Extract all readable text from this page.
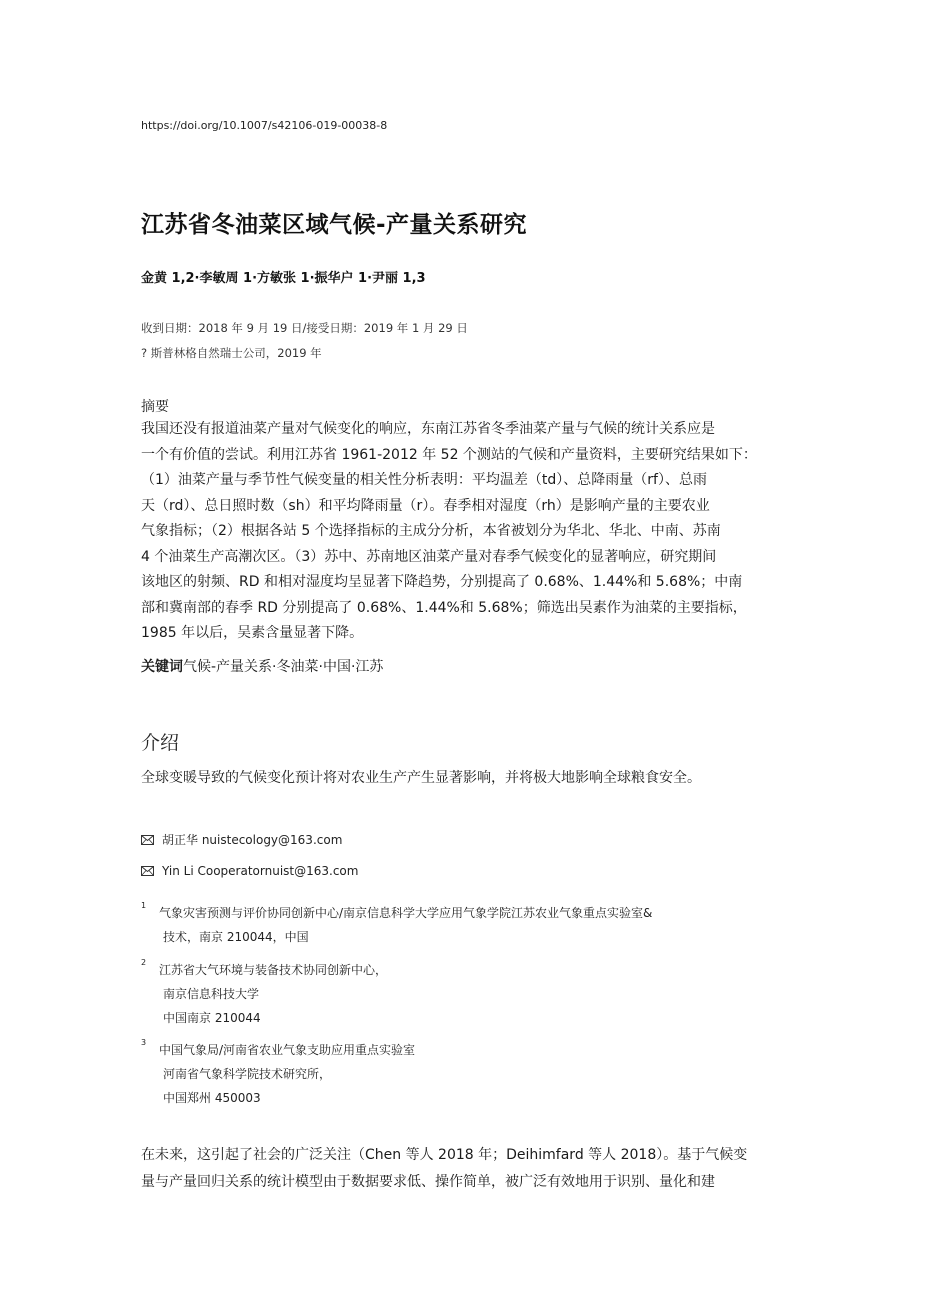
https://doi.org/10.1007/s42106-019-00038-8
江苏省冬油菜区域气候-产量关系研究
金黄 1,2·李敏周 1·方敏张 1·振华户 1·尹丽 1,3
收到日期：2018 年 9 月 19 日/接受日期：2019 年 1 月 29 日
? 斯普林格自然瑞士公司，2019 年
摘要
我国还没有报道油菜产量对气候变化的响应，东南江苏省冬季油菜产量与气候的统计关系应是
一个有价值的尝试。利用江苏省 1961-2012 年 52 个测站的气候和产量资料，主要研究结果如下：
（1）油菜产量与季节性气候变量的相关性分析表明：平均温差（td）、总降雨量（rf）、总雨
天（rd）、总日照时数（sh）和平均降雨量（r）。春季相对湿度（rh）是影响产量的主要农业
气象指标；（2）根据各站 5 个选择指标的主成分分析，本省被划分为华北、华北、中南、苏南
4 个油菜生产高潮次区。（3）苏中、苏南地区油菜产量对春季气候变化的显著响应，研究期间
该地区的射频、RD 和相对湿度均呈显著下降趋势，分别提高了 0.68%、1.44%和 5.68%；中南
部和冀南部的春季 RD 分别提高了 0.68%、1.44%和 5.68%；筛选出吴素作为油菜的主要指标，
1985 年以后，吴素含量显著下降。
关键词气候-产量关系·冬油菜·中国·江苏
介绍
全球变暖导致的气候变化预计将对农业生产产生显著影响，并将极大地影响全球粮食安全。
胡正华 nuistecology@163.com
Yin Li Cooperatornuist@163.com
1
气象灾害预测与评价协同创新中心/南京信息科学大学应用气象学院江苏农业气象重点实验室&
技术，南京 210044，中国
2
江苏省大气环境与装备技术协同创新中心，
南京信息科技大学
中国南京 210044
3
中国气象局/河南省农业气象支助应用重点实验室
河南省气象科学院技术研究所，
中国郑州 450003
在未来，这引起了社会的广泛关注（Chen 等人 2018 年；Deihimfard 等人 2018）。基于气候变
量与产量回归关系的统计模型由于数据要求低、操作简单，被广泛有效地用于识别、量化和建
